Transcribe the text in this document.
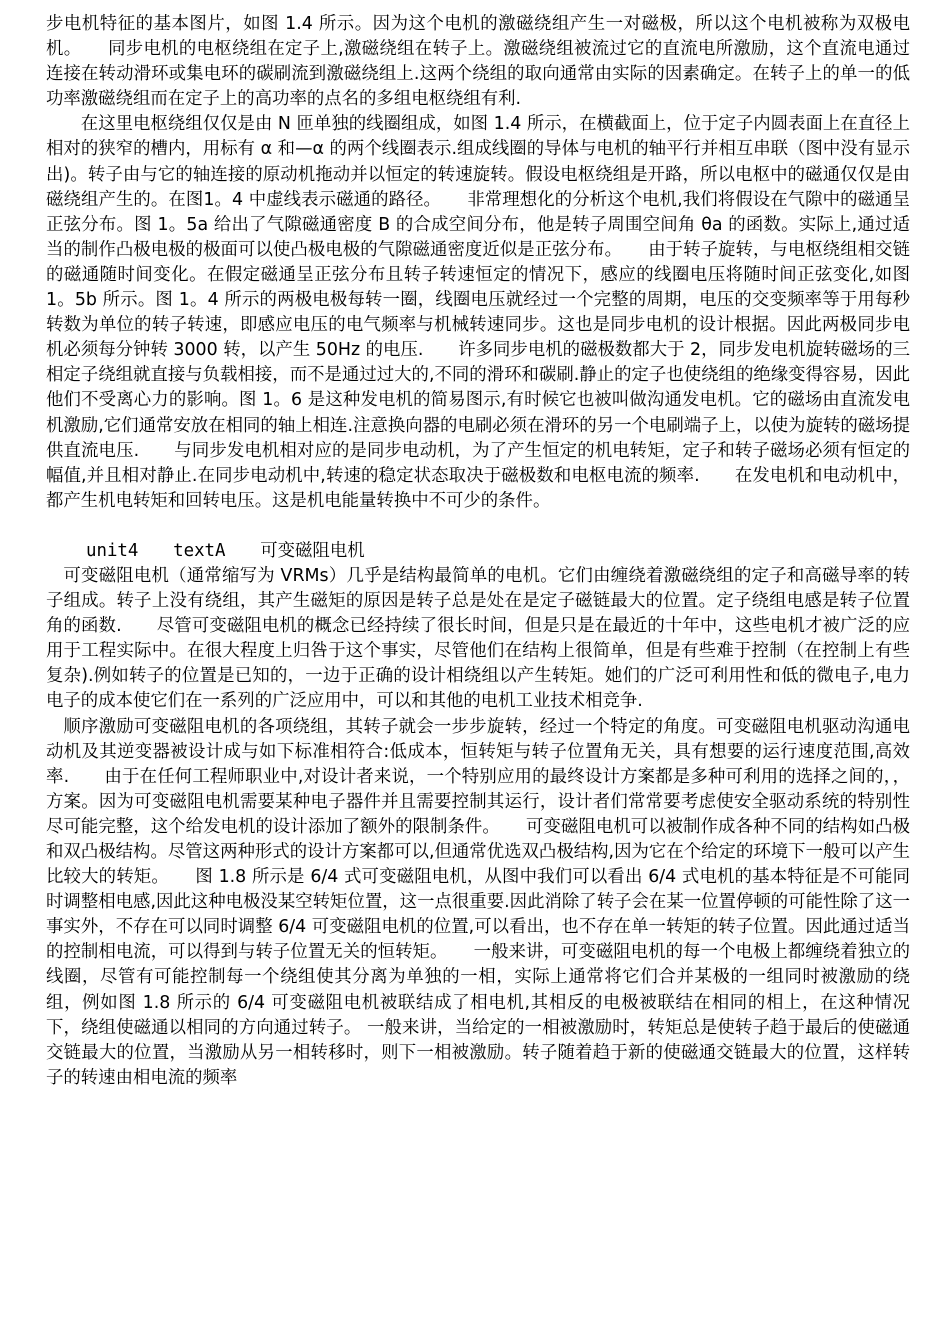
步电机特征的基本图片，如图 1.4 所示。因为这个电机的激磁绕组产生一对磁极，所以这个电机被称为双极电机。　　同步电机的电枢绕组在定子上,激磁绕组在转子上。激磁绕组被流过它的直流电所激励，这个直流电通过连接在转动滑环或集电环的碳刷流到激磁绕组上.这两个绕组的取向通常由实际的因素确定。在转子上的单一的低功率激磁绕组而在定子上的高功率的点名的多组电枢绕组有利.

在这里电枢绕组仅仅是由 N 匝单独的线圈组成，如图 1.4 所示，在横截面上，位于定子内圆表面上在直径上相对的狭窄的槽内，用标有 α 和—α 的两个线圈表示.组成线圈的导体与电机的轴平行并相互串联（图中没有显示出)。转子由与它的轴连接的原动机拖动并以恒定的转速旋转。假设电枢绕组是开路，所以电枢中的磁通仅仅是由磁绕组产生的。在图1。4 中虚线表示磁通的路径。　　非常理想化的分析这个电机,我们将假设在气隙中的磁通呈正弦分布。图 1。5a 给出了气隙磁通密度 B 的合成空间分布，他是转子周围空间角 θa 的函数。实际上,通过适当的制作凸极电极的极面可以使凸极电极的气隙磁通密度近似是正弦分布。　　由于转子旋转，与电枢绕组相交链的磁通随时间变化。在假定磁通呈正弦分布且转子转速恒定的情况下，感应的线圈电压将随时间正弦变化,如图 1。5b 所示。图 1。4 所示的两极电极每转一圈，线圈电压就经过一个完整的周期，电压的交变频率等于用每秒转数为单位的转子转速，即感应电压的电气频率与机械转速同步。这也是同步电机的设计根据。因此两极同步电机必须每分钟转 3000 转，以产生 50Hz 的电压.　　许多同步电机的磁极数都大于 2，同步发电机旋转磁场的三相定子绕组就直接与负载相接，而不是通过过大的,不同的滑环和碳刷.静止的定子也使绕组的绝缘变得容易，因此他们不受离心力的影响。图 1。6 是这种发电机的简易图示,有时候它也被叫做沟通发电机。它的磁场由直流发电机激励,它们通常安放在相同的轴上相连.注意换向器的电刷必须在滑环的另一个电刷端子上，以使为旋转的磁场提供直流电压.　　与同步发电机相对应的是同步电动机，为了产生恒定的机电转矩，定子和转子磁场必须有恒定的幅值,并且相对静止.在同步电动机中,转速的稳定状态取决于磁极数和电枢电流的频率.　　在发电机和电动机中，都产生机电转矩和回转电压。这是机电能量转换中不可少的条件。

unit4　　textA　　可变磁阻电机

可变磁阻电机（通常缩写为 VRMs）几乎是结构最简单的电机。它们由缠绕着激磁绕组的定子和高磁导率的转子组成。转子上没有绕组，其产生磁矩的原因是转子总是处在是定子磁链最大的位置。定子绕组电感是转子位置角的函数.　　尽管可变磁阻电机的概念已经持续了很长时间，但是只是在最近的十年中，这些电机才被广泛的应用于工程实际中。在很大程度上归咎于这个事实，尽管他们在结构上很简单，但是有些难于控制（在控制上有些复杂).例如转子的位置是已知的，一边于正确的设计相绕组以产生转矩。她们的广泛可利用性和低的微电子,电力电子的成本使它们在一系列的广泛应用中，可以和其他的电机工业技术相竞争.

顺序激励可变磁阻电机的各项绕组，其转子就会一步步旋转，经过一个特定的角度。可变磁阻电机驱动沟通电动机及其逆变器被设计成与如下标准相符合:低成本，恒转矩与转子位置角无关，具有想要的运行速度范围,高效率.　　由于在任何工程师职业中,对设计者来说，一个特别应用的最终设计方案都是多种可利用的选择之间的，，方案。因为可变磁阻电机需要某种电子器件并且需要控制其运行，设计者们常常要考虑使安全驱动系统的特别性尽可能完整，这个给发电机的设计添加了额外的限制条件。　　可变磁阻电机可以被制作成各种不同的结构如凸极和双凸极结构。尽管这两种形式的设计方案都可以,但通常优选双凸极结构,因为它在个给定的环境下一般可以产生比较大的转矩。　　图 1.8 所示是 6/4 式可变磁阻电机，从图中我们可以看出 6/4 式电机的基本特征是不可能同时调整相电感,因此这种电极没某空转矩位置，这一点很重要.因此消除了转子会在某一位置停顿的可能性除了这一事实外，不存在可以同时调整 6/4 可变磁阻电机的位置,可以看出，也不存在单一转矩的转子位置。因此通过适当的控制相电流，可以得到与转子位置无关的恒转矩。　　一般来讲，可变磁阻电机的每一个电极上都缠绕着独立的线圈，尽管有可能控制每一个绕组使其分离为单独的一相，实际上通常将它们合并某极的一组同时被激励的绕组，例如图 1.8 所示的 6/4 可变磁阻电机被联结成了相电机,其相反的电极被联结在相同的相上，在这种情况下，绕组使磁通以相同的方向通过转子。 一般来讲，当给定的一相被激励时，转矩总是使转子趋于最后的使磁通交链最大的位置，当激励从另一相转移时，则下一相被激励。转子随着趋于新的使磁通交链最大的位置，这样转子的转速由相电流的频率
